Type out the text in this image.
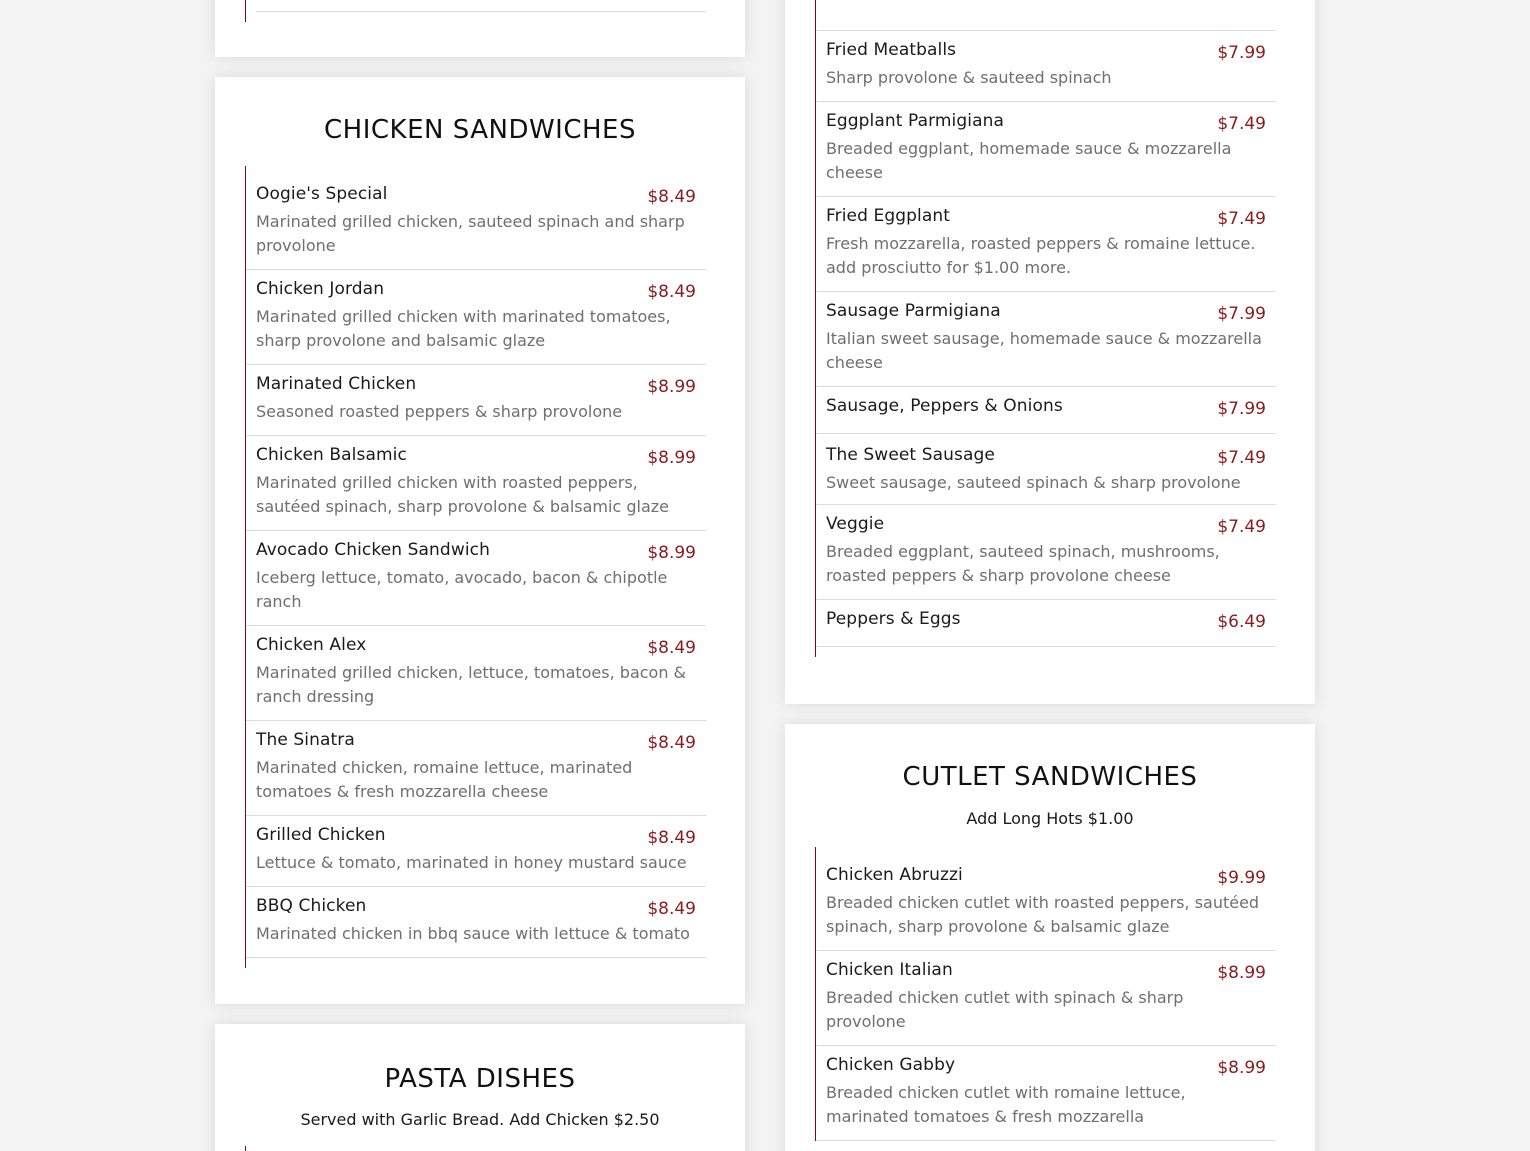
CHICKEN SANDWICHES
Oogie's Special	$8.49
Marinated grilled chicken, sauteed spinach and sharp provolone
Chicken Jordan	$8.49
Marinated grilled chicken with marinated tomatoes, sharp provolone and balsamic glaze
Marinated Chicken	$8.99
Seasoned roasted peppers & sharp provolone
Chicken Balsamic	$8.99
Marinated grilled chicken with roasted peppers, sautéed spinach, sharp provolone & balsamic glaze
Avocado Chicken Sandwich	$8.99
Iceberg lettuce, tomato, avocado, bacon & chipotle ranch
Chicken Alex	$8.49
Marinated grilled chicken, lettuce, tomatoes, bacon & ranch dressing
The Sinatra	$8.49
Marinated chicken, romaine lettuce, marinated tomatoes & fresh mozzarella cheese
Grilled Chicken	$8.49
Lettuce & tomato, marinated in honey mustard sauce
BBQ Chicken	$8.49
Marinated chicken in bbq sauce with lettuce & tomato
PASTA DISHES
Served with Garlic Bread. Add Chicken $2.50
Fried Meatballs	$7.99
Sharp provolone & sauteed spinach
Eggplant Parmigiana	$7.49
Breaded eggplant, homemade sauce & mozzarella cheese
Fried Eggplant	$7.49
Fresh mozzarella, roasted peppers & romaine lettuce. add prosciutto for $1.00 more.
Sausage Parmigiana	$7.99
Italian sweet sausage, homemade sauce & mozzarella cheese
Sausage, Peppers & Onions	$7.99
The Sweet Sausage	$7.49
Sweet sausage, sauteed spinach & sharp provolone
Veggie	$7.49
Breaded eggplant, sauteed spinach, mushrooms, roasted peppers & sharp provolone cheese
Peppers & Eggs	$6.49
CUTLET SANDWICHES
Add Long Hots $1.00
Chicken Abruzzi	$9.99
Breaded chicken cutlet with roasted peppers, sautéed spinach, sharp provolone & balsamic glaze
Chicken Italian	$8.99
Breaded chicken cutlet with spinach & sharp provolone
Chicken Gabby	$8.99
Breaded chicken cutlet with romaine lettuce, marinated tomatoes & fresh mozzarella
